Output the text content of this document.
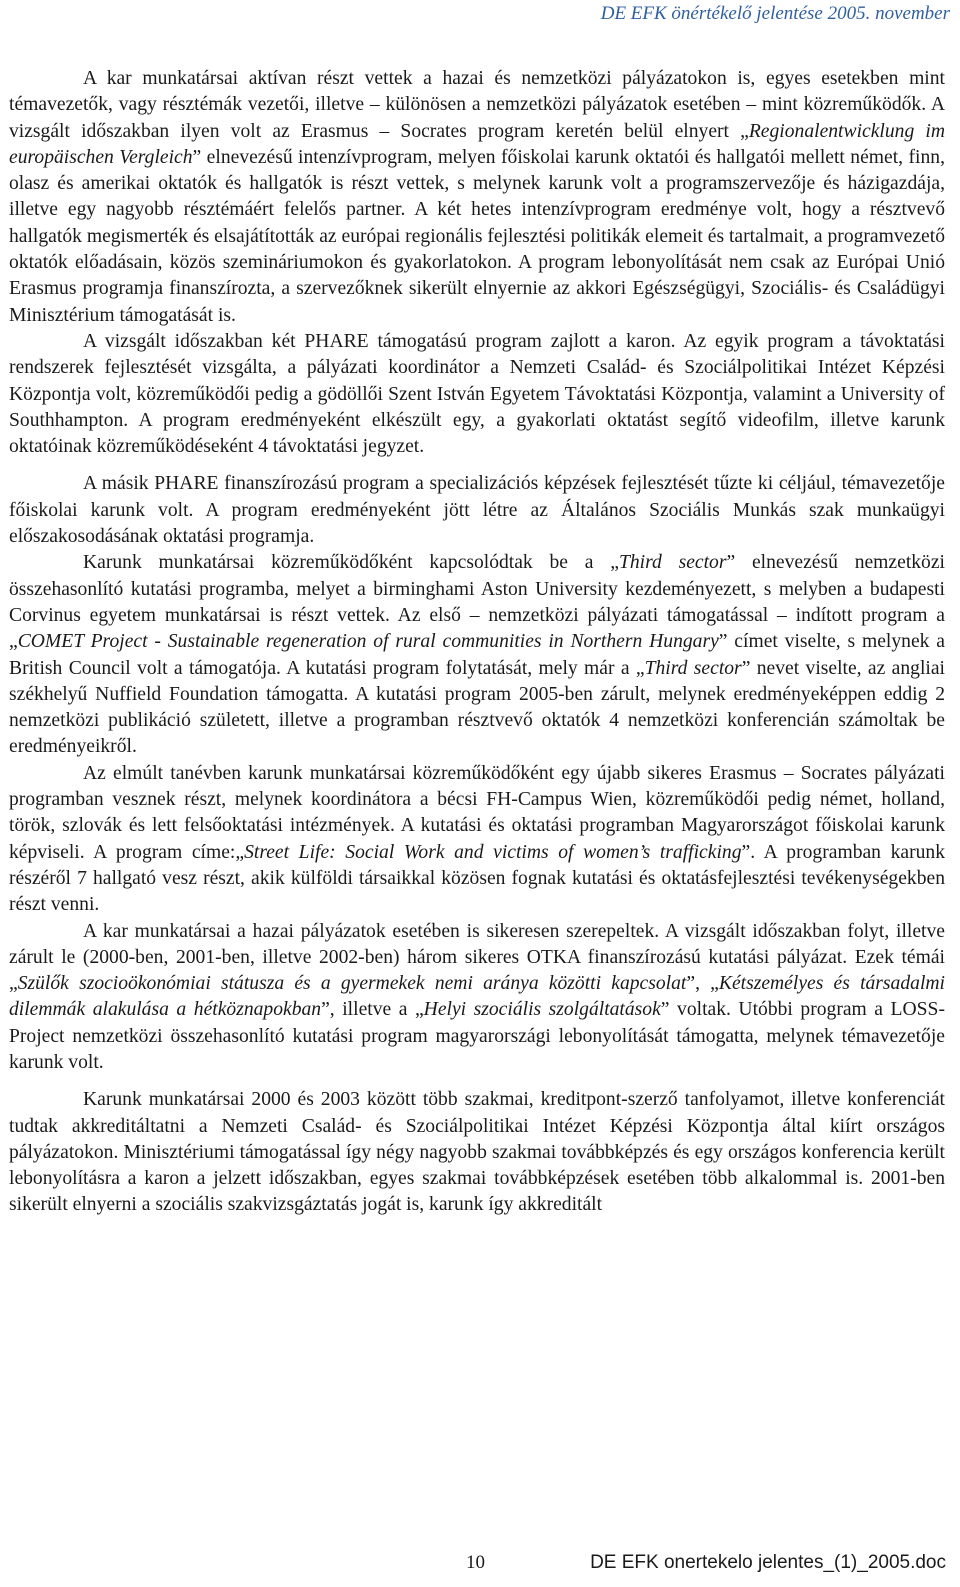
DE EFK önértékelő jelentése 2005. november

A kar munkatársai aktívan részt vettek a hazai és nemzetközi pályázatokon is, egyes esetekben mint témavezetők, vagy résztémák vezetői, illetve – különösen a nemzetközi pályázatok esetében – mint közreműködők. A vizsgált időszakban ilyen volt az Erasmus – Socrates program keretén belül elnyert „Regionalentwicklung im europäischen Vergleich” elnevezésű intenzívprogram, melyen főiskolai karunk oktatói és hallgatói mellett német, finn, olasz és amerikai oktatók és hallgatók is részt vettek, s melynek karunk volt a programszervezője és házigazdája, illetve egy nagyobb résztémáért felelős partner. A két hetes intenzívprogram eredménye volt, hogy a résztvevő hallgatók megismerték és elsajátították az európai regionális fejlesztési politikák elemeit és tartalmait, a programvezető oktatók előadásain, közös szemináriumokon és gyakorlatokon. A program lebonyolítását nem csak az Európai Unió Erasmus programja finanszírozta, a szervezőknek sikerült elnyernie az akkori Egészségügyi, Szociális- és Családügyi Minisztérium támogatását is.

A vizsgált időszakban két PHARE támogatású program zajlott a karon. Az egyik program a távoktatási rendszerek fejlesztését vizsgálta, a pályázati koordinátor a Nemzeti Család- és Szociálpolitikai Intézet Képzési Központja volt, közreműködői pedig a gödöllői Szent István Egyetem Távoktatási Központja, valamint a University of Southhampton. A program eredményeként elkészült egy, a gyakorlati oktatást segítő videofilm, illetve karunk oktatóinak közreműködéseként 4 távoktatási jegyzet.

A másik PHARE finanszírozású program a specializációs képzések fejlesztését tűzte ki céljául, témavezetője főiskolai karunk volt. A program eredményeként jött létre az Általános Szociális Munkás szak munkaügyi előszakosodásának oktatási programja.

Karunk munkatársai közreműködőként kapcsolódtak be a „Third sector” elnevezésű nemzetközi összehasonlító kutatási programba, melyet a birminghami Aston University kezdeményezett, s melyben a budapesti Corvinus egyetem munkatársai is részt vettek. Az első – nemzetközi pályázati támogatással – indított program a „COMET Project - Sustainable regeneration of rural communities in Northern Hungary” címet viselte, s melynek a British Council volt a támogatója. A kutatási program folytatását, mely már a „Third sector” nevet viselte, az angliai székhelyű Nuffield Foundation támogatta. A kutatási program 2005-ben zárult, melynek eredményeképpen eddig 2 nemzetközi publikáció született, illetve a programban résztvevő oktatók 4 nemzetközi konferencián számoltak be eredményeikről.

Az elmúlt tanévben karunk munkatársai közreműködőként egy újabb sikeres Erasmus – Socrates pályázati programban vesznek részt, melynek koordinátora a bécsi FH-Campus Wien, közreműködői pedig német, holland, török, szlovák és lett felsőoktatási intézmények. A kutatási és oktatási programban Magyarországot főiskolai karunk képviseli. A program címe:„Street Life: Social Work and victims of women’s trafficking”. A programban karunk részéről 7 hallgató vesz részt, akik külföldi társaikkal közösen fognak kutatási és oktatásfejlesztési tevékenységekben részt venni.

A kar munkatársai a hazai pályázatok esetében is sikeresen szerepeltek. A vizsgált időszakban folyt, illetve zárult le (2000-ben, 2001-ben, illetve 2002-ben) három sikeres OTKA finanszírozású kutatási pályázat. Ezek témái „Szülők szocioökonómiai státusza és a gyermekek nemi aránya közötti kapcsolat”, „Kétszemélyes és társadalmi dilemmák alakulása a hétköznapokban”, illetve a „Helyi szociális szolgáltatások” voltak. Utóbbi program a LOSS-Project nemzetközi összehasonlító kutatási program magyarországi lebonyolítását támogatta, melynek témavezetője karunk volt.

Karunk munkatársai 2000 és 2003 között több szakmai, kreditpont-szerző tanfolyamot, illetve konferenciát tudtak akkreditáltatni a Nemzeti Család- és Szociálpolitikai Intézet Képzési Központja által kiírt országos pályázatokon. Minisztériumi támogatással így négy nagyobb szakmai továbbképzés és egy országos konferencia került lebonyolításra a karon a jelzett időszakban, egyes szakmai továbbképzések esetében több alkalommal is. 2001-ben sikerült elnyerni a szociális szakvizsgáztatás jogát is, karunk így akkreditált

10	DE EFK onertekelo jelentes_(1)_2005.doc
